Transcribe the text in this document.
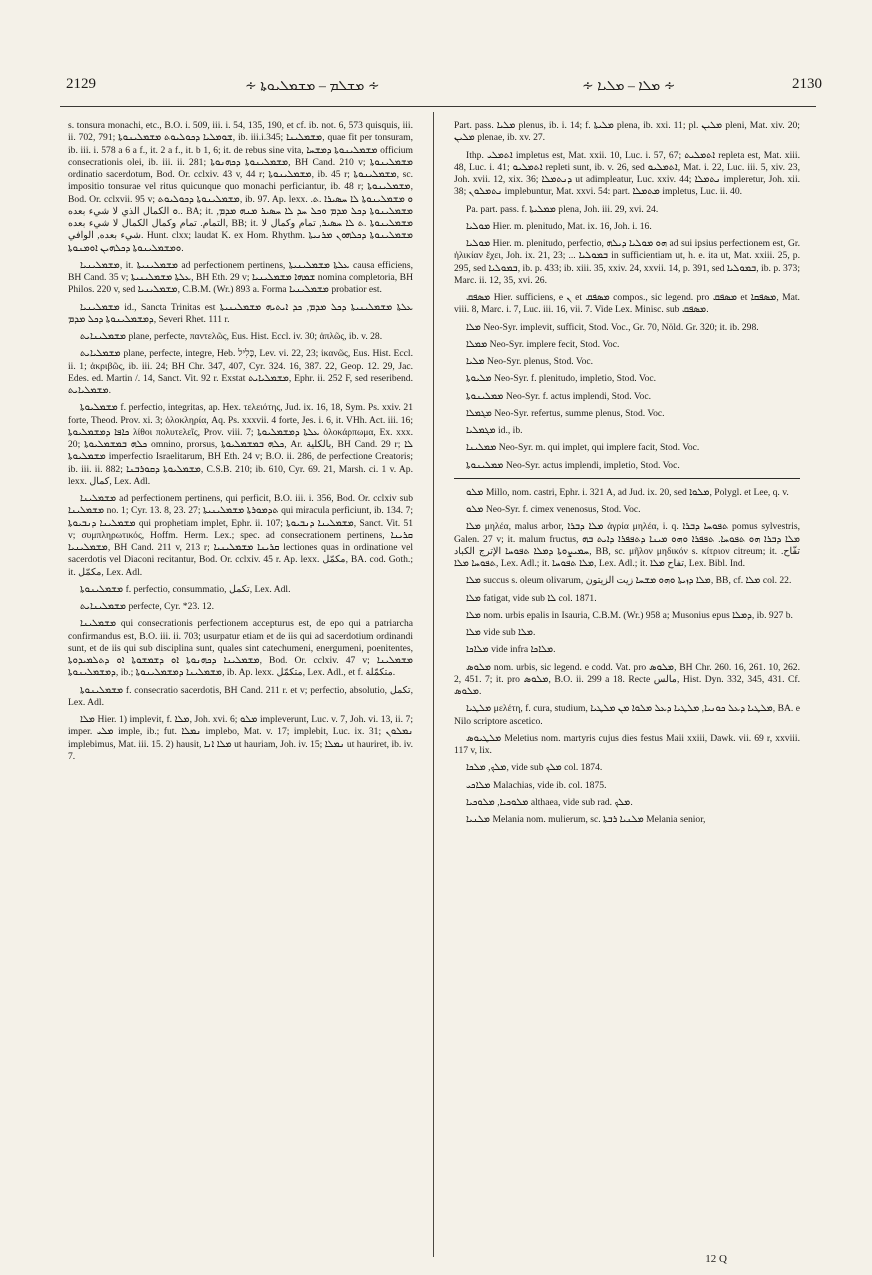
2129	∻ ܡܫܠܡ – ܡܫܡܠܝܘܬܐ ∻	∻ ܡܠܐ – ܡܠܝܐ ∻	2130

s. tonsura monachi, etc., B.O. i. 509, iii. i. 54, 135, 190, et cf. ib. not. 6, 573 quisquis, iii. ii. 702, 791; ܫܘܡܠܝܐ ܕܟܘܠܝܘܬ ܡܫܡܠܝܢܘܬܐ, ib. iii.i.345; ܡܫܡܠܝܢܐ, quae fit per tonsuram, ib. iii. i. 578 a 6 a f., it. 2 a f., it. b 1, 6; it. de rebus sine vita, ܡܫܡܠܝܢܘܬܐ ܕܡܫܚܐ officium consecrationis olei, ib. iii. ii. 281; ܡܫܡܠܝܢܘܬܐ ܕܟܗܢܘܬܐ, BH Cand. 210 v; ܡܫܡܠܝܢܘܬܐ ordinatio sacerdotum, Bod. Or. cclxiv. 43 v, 44 r; ܡܫܡܠܝܢܘܬܐ, ib. 45 r; ܡܫܡܠܝܢܘܬܐ, sc. impositio tonsurae vel ritus quicunque quo monachi perficiantur, ib. 48 r; ܡܫܡܠܝܢܘܬܐ, Bod. Or. cclxvii. 95 v; ܡܫܡܠܝܢܘܬܐ ܕܟܘܠܝܘܬ, ib. 97. Ap. lexx. .ܘ ܡܫܡܠܝܢܘܬܐ ܠܐ ܚܣܝܪܐ .ܬ .ܘ الكمال الذي لا شيء بعده. BA; it. ܡܫܡܠܝܢܘܬܐ ܕܟܠ ܡܕܡ ܘܟܠ ܚܕ ܠܐ ܚܣܝܪ ܡܢܗ ܡܕܡ, التمام. تمام وكمال الكمال لا شيء بعده, BB; it. ܡܫܡܠܝܢܘܬܐ .ܬ ܠܐ ܚܣܝܪ, تمام وكمال لا شيء بعده, الوافي. Hunt. clxx; laudat K. ex Hom. Rhythm. ܡܫܡܠܝܢܘܬܐ ܕܟܠܗܘܢ ܡܪܢܝܬܐ ܘܡܫܡܠܝܢܘܬܐ ܕܟܠܗܝܢ ܐܘܡܢܘܬܐ.

ܡܫܡܠܝܢܝܐ, it. ܡܫܡܠܝܢܝܬܐ ad perfectionem pertinens, ܥܠܬܐ ܡܫܡܠܝܢܝܬܐ causa efficiens, BH Cand. 35 v; ܥܠܬܐ ܡܫܡܠܝܢܝܬܐ, BH Eth. 29 v; ܫܡܗܐ ܡܫܡܠܝܢܝܐ nomina completoria, BH Philos. 220 v, sed ܡܫܡܠܝܢܝܐ, C.B.M. (Wr.) 893 a. Forma ܡܫܡܠܝܢܝܐ probatior est.

ܡܫܡܠܝܢܝܐ id., Sancta Trinitas est ܥܠܬܐ ܡܫܡܠܝܢܝܬܐ ܕܟܠ ܡܕܡ, ܟܕ ܐܝܬܝܗ ܡܫܡܠܝܢܝܬܐ ܕܡܫܡܠܝܢܘܬܐ ܕܟܠ ܡܕܡ, Severi Rhet. 111 r.

ܡܫܡܠܝܢܐܝܬ plane, perfecte, παντελῶς, Eus. Hist. Eccl. iv. 30; ἁπλῶς, ib. v. 28.

ܡܫܡܠܝܐܝܬ plane, perfecte, integre, Heb. כָּלִיל, Lev. vi. 22, 23; ἱκανῶς, Eus. Hist. Eccl. ii. 1; ἀκριβῶς, ib. iii. 24; BH Chr. 347, 407, Cyr. 324. 16, 387. 22, Geop. 12. 29, Jac. Edes. ed. Martin /. 14, Sanct. Vit. 92 r. Exstat ܡܫܡܠܝܐܝܬ, Ephr. ii. 252 F, sed reseribend. ܡܫܡܠܝܐܝܬ.

ܡܫܡܠܝܘܬܐ f. perfectio, integritas, ap. Hex. τελειότης, Jud. ix. 16, 18, Sym. Ps. xxiv. 21 forte, Theod. Prov. xi. 3; ὁλοκληρία, Aq. Ps. xxxvii. 4 forte, Jes. i. 6, it. VHh. Act. iii. 16; ܟܐܦܐ ܕܡܫܡܠܝܘܬܐ λίθοι πολυτελεῖς, Prov. viii. 7; ܥܠܬܐ ܕܡܫܡܠܝܘܬܐ ὁλοκάρπωμα, Ex. xxx. 20; ܟܠܗ ܒܡܫܡܠܝܘܬܐ omnino, prorsus, ܟܠܗ ܒܡܫܡܠܝܘܬܐ, Ar. بالكلية, BH Cand. 29 r; ܠܐ ܡܫܡܠܝܘܬܐ imperfectio Israelitarum, BH Eth. 24 v; B.O. ii. 286, de perfectione Creatoris; ib. iii. ii. 882; ܡܫܡܠܝܘܬܐ ܕܩܘܪܒܢܐ, C.S.B. 210; ib. 610, Cyr. 69. 21, Marsh. ci. 1 v. Ap. lexx. كمال, Lex. Adl.

ܡܫܡܠܝܢܐ ad perfectionem pertinens, qui perficit, B.O. iii. i. 356, Bod. Or. cclxiv sub ܡܫܡܠܝܢܐ no. 1; Cyr. 13. 8, 23. 27; ܬܕܡܘܪܬܐ ܡܫܡܠܝܢܝܬܐ qui miracula perficiunt, ib. 134. 7; ܡܫܡܠܝܢܐ ܕܢܒܝܘܬܐ qui prophetiam implet, Ephr. ii. 107; ܡܫܡܠܝܢܐ ܕܢܒܝܘܬܐ, Sanct. Vit. 51 v; συμπληρωτικός, Hoffm. Herm. Lex.; spec. ad consecrationem pertinens, ܩܪܝܢܐ ܡܫܡܠܝܢܝܐ, BH Cand. 211 v, 213 r; ܩܪܝܢܐ ܡܫܡܠܝܢܝܐ lectiones quas in ordinatione vel sacerdotis vel Diaconi recitantur, Bod. Or. cclxiv. 45 r. Ap. lexx. مكمّل, BA. cod. Goth.; it. مكمّل, Lex. Adl.

ܡܫܡܠܝܢܘܬܐ f. perfectio, consummatio, تكمل, Lex. Adl.

ܡܫܡܠܝܢܐܝܬ perfecte, Cyr. *23. 12.

ܡܫܡܠܝܢܐ qui consecrationis perfectionem accepturus est, de epo qui a patriarcha confirmandus est, B.O. iii. ii. 703; usurpatur etiam et de iis qui ad sacerdotium ordinandi sunt, et de iis qui sub disciplina sunt, quales sint catechumeni, energumeni, poenitentes, ܡܫܡܠܝܢܐ ܕܟܗܢܘܬܐ ܐܘ ܕܫܡܫܘܬܐ ܐܘ ܕܬܠܡܝܕܘܬܐ, Bod. Or. cclxiv. 47 v; ܡܫܡܠܝܢܐ ܕܡܫܡܠܝܢܘܬܐ, ib.; ܡܫܡܠܝܢܐ ܕܡܫܡܠܝܢܘܬܐ, ib. Ap. lexx. متكمّل, Lex. Adl., et f. متكمّلة.

ܡܫܡܠܝܢܘܬܐ f. consecratio sacerdotis, BH Cand. 211 r. et v; perfectio, absolutio, تكمل, Lex. Adl.

ܡܠܐ Hier. 1) implevit, f. ܡܠܐ, Joh. xvi. 6; ܡܠܘ impleverunt, Luc. v. 7, Joh. vi. 13, ii. 7; imper. ܡܠܝ imple, ib.; fut. ܢܡܠܐ implebo, Mat. v. 17; implebit, Luc. ix. 31; ܢܡܠܘܢ implebimus, Mat. iii. 15. 2) hausit, ܡܠܐ ܐܢܐ ut hauriam, Joh. iv. 15; ܢܡܠܐ ut hauriret, ib. iv. 7.

Part. pass. ܡܠܝܐ plenus, ib. i. 14; f. ܡܠܝܬܐ plena, ib. xxi. 11; pl. ܡܠܝܢ pleni, Mat. xiv. 20; ܡܠܝܢ plenae, ib. xv. 27.

Ithp. ܐܬܡܠܝ impletus est, Mat. xxii. 10, Luc. i. 57, 67; ܐܬܡܠܝܬ repleta est, Mat. xiii. 48, Luc. i. 41; ܐܬܡܠܝܘ repleti sunt, ib. v. 26, sed ܐܬܡܠܝܘ, Mat. i. 22, Luc. iii. 5, xiv. 23, Joh. xvii. 12, xix. 36; ܕܢܬܡܠܐ ut adimpleatur, Luc. xxiv. 44; ܢܬܡܠܐ impleretur, Joh. xii. 38; ܢܬܡܠܘܢ implebuntur, Mat. xxvi. 54: part. ܡܬܡܠܐ impletus, Luc. ii. 40.

Pa. part. pass. f. ܡܡܠܝܬܐ plena, Joh. iii. 29, xvi. 24.

ܡܘܠܝܐ Hier. m. plenitudo, Mat. ix. 16, Joh. i. 16.

ܡܘܠܝܐ Hier. m. plenitudo, perfectio, ܗܘ ܡܘܠܝܐ ܕܝܠܗ ad sui ipsius perfectionem est, Gr. ἡλικίαν ἔχει, Joh. ix. 21, 23; ... ܒܡܘܠܝܐ in sufficientiam ut, h. e. ita ut, Mat. xxiii. 25, p. 295, sed ܒܡܘܠܝܐ, ib. p. 433; ib. xiii. 35, xxiv. 24, xxvii. 14, p. 391, sed ܒܡܘܠܝܐ, ib. p. 373; Marc. ii. 12, 35, xvi. 26.

ܡܣܦܩ Hier. sufficiens, e ܢ et ܡܣܦܩ compos., sic legend. pro ܡܣܦܩ et ܡܣܦܩܐ, Mat. viii. 8, Marc. i. 7, Luc. iii. 16, vii. 7. Vide Lex. Minisc. sub ܡܣܦܩ.

ܡܠܐ Neo-Syr. implevit, sufficit, Stod. Voc., Gr. 70, Nöld. Gr. 320; it. ib. 298.

ܡܡܠܐ Neo-Syr. implere fecit, Stod. Voc.

ܡܠܝܐ Neo-Syr. plenus, Stod. Voc.

ܡܠܝܘܬܐ Neo-Syr. f. plenitudo, impletio, Stod. Voc.

ܡܡܠܝܢܘܬܐ Neo-Syr. f. actus implendi, Stod. Voc.

ܡܓܡܠܐ Neo-Syr. refertus, summe plenus, Stod. Voc.

ܡܓܡܠܝܐ id., ib.

ܡܡܠܝܢܐ Neo-Syr. m. qui implet, qui implere facit, Stod. Voc.

ܡܡܠܝܢܘܬܐ Neo-Syr. actus implendi, impletio, Stod. Voc.

ܡܠܘ Millo, nom. castri, Ephr. i. 321 A, ad Jud. ix. 20, sed ܡܠܘܐ, Polygl. et Lee, q. v.

ܡܠܘ Neo-Syr. f. cimex venenosus, Stod. Voc.

ܡܠܐ μηλέα, malus arbor, ܡܠܐ ܕܒܪܐ ἀγρία μηλέα, i. q. ܬܦܘܚܐ ܕܒܪܐ pomus sylvestris, Galen. 27 v; it. malum fructus, ܡܠܐ ܕܒܪܐ ܗܘ ܬܦܘܚܐ. ܬܦܦܪܐ ܘܗܘ ܡܝܢܐ ܕܬܦܦܪܐ ܕܐܝܬ ܒܗ ܚܡܝܨܘܬܐ ܕܡܠܐ ܬܦܘܚܐ الإترج الكباد, BB, sc. μῆλον μηδικόν s. κίτριον citreum; it. تفّاح. ܬܦܘܚܐ ܡܠܐ, Lex. Adl.; it. ܡܠܐ ܬܦܘܚܐ, Lex. Adl.; it. تفاح ܡܠܐ, Lex. Bibl. Ind.

ܡܠܐ succus s. oleum olivarum, ܡܠܐ ܕܙܝܬܐ ܘܗܘ ܡܫܚܐ زيت الزيتون, BB, cf. ܡܠܐ col. 22.

ܡܠܐ fatigat, vide sub ܠܐ col. 1871.

ܡܠܐ nom. urbis epalis in Isauria, C.B.M. (Wr.) 958 a; Musonius epus ܕܡܠܐ, ib. 927 b.

ܡܠܐ vide sub ܡܠܐ.

ܡܠܐܟܐ vide infra ܡܠܐܟܐ.

ܡܠܘܣ nom. urbis, sic legend. e codd. Vat. pro ܡܠܘܣ, BH Chr. 260. 16, 261. 10, 262. 2, 451. 7; it. pro ܡܠܘܣ, B.O. ii. 299 a 18. Recte مالس, Hist. Dyn. 332, 345, 431. Cf. ܡܠܘܣ.

ܡܠܛܝܐ μελέτη, f. cura, studium, ܡܠܛܝܐ ܕܥܠ ܟܘܢܝܐ, ܡܠܛܝܐ ܕܥܠ ܡܠܘܐ ܡܢ ܡܠܛܝܐ, BA. e Nilo scriptore ascetico.

ܡܠܛܝܘܣ Meletius nom. martyris cujus dies festus Maii xxiii, Dawk. vii. 69 r, xxviii. 117 v, lix.

ܡܠܟ, ܡܠܟܐ, vide sub ܡܠܟ col. 1874.

ܡܠܐܟܝ Malachias, vide ib. col. 1875.

ܡܠܘܟܝܐ, ܡܠܘܟܝܐ althaea, vide sub rad. ܡܠܟ.

ܡܠܢܝܐ Melania nom. mulierum, sc. ܡܠܢܝܐ ܪܒܬܐ Melania senior,

12 Q
